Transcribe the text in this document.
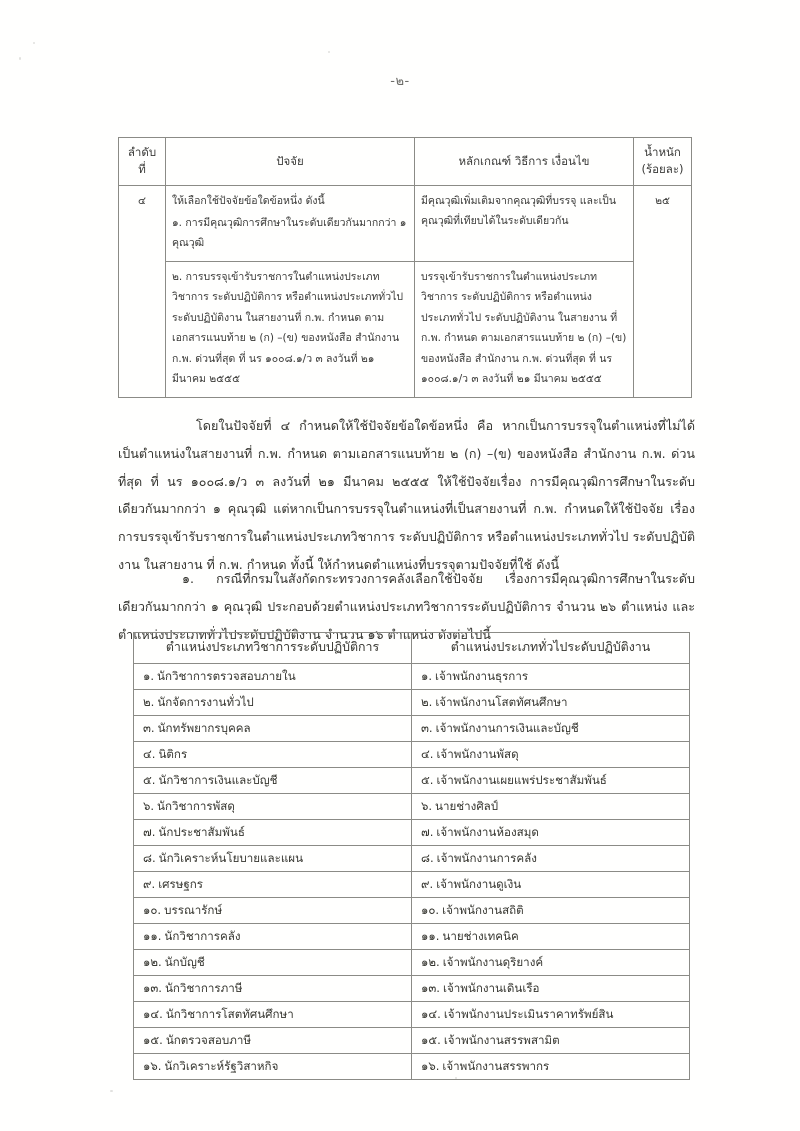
-๒-
ลำดับ
ที่	ปัจจัย	หลักเกณฑ์ วิธีการ เงื่อนไข	น้ำหนัก
(ร้อยละ)
๔	ให้เลือกใช้ปัจจัยข้อใดข้อหนึ่ง ดังนี้
๑. การมีคุณวุฒิการศึกษาในระดับเดียวกันมากกว่า ๑ คุณวุฒิ	มีคุณวุฒิเพิ่มเติมจากคุณวุฒิที่บรรจุ และเป็นคุณวุฒิที่เทียบได้ในระดับเดียวกัน	๒๕
๒. การบรรจุเข้ารับราชการในตำแหน่งประเภทวิชาการ ระดับปฏิบัติการ หรือตำแหน่งประเภททั่วไป ระดับปฏิบัติงาน ในสายงานที่ ก.พ. กำหนด ตามเอกสารแนบท้าย ๒ (ก) –(ข) ของหนังสือ สำนักงาน ก.พ. ด่วนที่สุด ที่ นร ๑๐๐๘.๑/ว ๓ ลงวันที่ ๒๑ มีนาคม ๒๕๕๕	บรรจุเข้ารับราชการในตำแหน่งประเภทวิชาการ ระดับปฏิบัติการ หรือตำแหน่งประเภททั่วไป ระดับปฏิบัติงาน ในสายงาน ที่ ก.พ. กำหนด ตามเอกสารแนบท้าย ๒ (ก) –(ข) ของหนังสือ สำนักงาน ก.พ. ด่วนที่สุด ที่ นร ๑๐๐๘.๑/ว ๓ ลงวันที่ ๒๑ มีนาคม ๒๕๕๕

โดยในปัจจัยที่ ๔ กำหนดให้ใช้ปัจจัยข้อใดข้อหนึ่ง คือ หากเป็นการบรรจุในตำแหน่งที่ไม่ได้เป็นตำแหน่งในสายงานที่ ก.พ. กำหนด ตามเอกสารแนบท้าย ๒ (ก) –(ข) ของหนังสือ สำนักงาน ก.พ. ด่วนที่สุด ที่ นร ๑๐๐๘.๑/ว ๓ ลงวันที่ ๒๑ มีนาคม ๒๕๕๕ ให้ใช้ปัจจัยเรื่อง การมีคุณวุฒิการศึกษาในระดับเดียวกันมากกว่า ๑ คุณวุฒิ แต่หากเป็นการบรรจุในตำแหน่งที่เป็นสายงานที่ ก.พ. กำหนดให้ใช้ปัจจัย เรื่อง การบรรจุเข้ารับราชการในตำแหน่งประเภทวิชาการ ระดับปฏิบัติการ หรือตำแหน่งประเภททั่วไป ระดับปฏิบัติงาน ในสายงาน ที่ ก.พ. กำหนด ทั้งนี้ ให้กำหนดตำแหน่งที่บรรจุตามปัจจัยที่ใช้ ดังนี้

๑. กรณีที่กรมในสังกัดกระทรวงการคลังเลือกใช้ปัจจัย เรื่องการมีคุณวุฒิการศึกษาในระดับเดียวกันมากกว่า ๑ คุณวุฒิ ประกอบด้วยตำแหน่งประเภทวิชาการระดับปฏิบัติการ จำนวน ๒๖ ตำแหน่ง และตำแหน่งประเภททั่วไประดับปฏิบัติงาน จำนวน ๑๖ ตำแหน่ง ดังต่อไปนี้

ตำแหน่งประเภทวิชาการระดับปฏิบัติการ	ตำแหน่งประเภททั่วไประดับปฏิบัติงาน
๑. นักวิชาการตรวจสอบภายใน	๑. เจ้าพนักงานธุรการ
๒. นักจัดการงานทั่วไป	๒. เจ้าพนักงานโสตทัศนศึกษา
๓. นักทรัพยากรบุคคล	๓. เจ้าพนักงานการเงินและบัญชี
๔. นิติกร	๔. เจ้าพนักงานพัสดุ
๕. นักวิชาการเงินและบัญชี	๕. เจ้าพนักงานเผยแพร่ประชาสัมพันธ์
๖. นักวิชาการพัสดุ	๖. นายช่างศิลป์
๗. นักประชาสัมพันธ์	๗. เจ้าพนักงานห้องสมุด
๘. นักวิเคราะห์นโยบายและแผน	๘. เจ้าพนักงานการคลัง
๙. เศรษฐกร	๙. เจ้าพนักงานดูเงิน
๑๐. บรรณารักษ์	๑๐. เจ้าพนักงานสถิติ
๑๑. นักวิชาการคลัง	๑๑. นายช่างเทคนิค
๑๒. นักบัญชี	๑๒. เจ้าพนักงานดุริยางค์
๑๓. นักวิชาการภาษี	๑๓. เจ้าพนักงานเดินเรือ
๑๔. นักวิชาการโสตทัศนศึกษา	๑๔. เจ้าพนักงานประเมินราคาทรัพย์สิน
๑๕. นักตรวจสอบภาษี	๑๕. เจ้าพนักงานสรรพสามิต
๑๖. นักวิเคราะห์รัฐวิสาหกิจ	๑๖. เจ้าพนักงานสรรพากร
